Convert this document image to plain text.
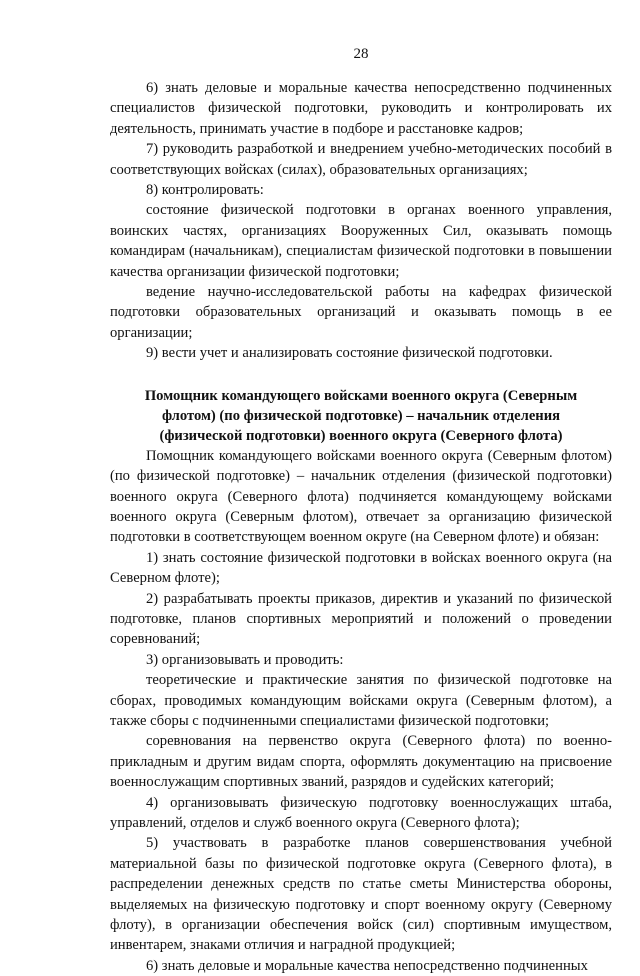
28

6) знать деловые и моральные качества непосредственно подчиненных специалистов физической подготовки, руководить и контролировать их деятельность, принимать участие в подборе и расстановке кадров;

7) руководить разработкой и внедрением учебно-методических пособий в соответствующих войсках (силах), образовательных организациях;

8) контролировать:

состояние физической подготовки в органах военного управления, воинских частях, организациях Вооруженных Сил, оказывать помощь командирам (начальникам), специалистам физической подготовки в повышении качества организации физической подготовки;

ведение научно-исследовательской работы на кафедрах физической подготовки образовательных организаций и оказывать помощь в ее организации;

9) вести учет и анализировать состояние физической подготовки.

Помощник командующего войсками военного округа (Северным флотом) (по физической подготовке) – начальник отделения (физической подготовки) военного округа (Северного флота)

Помощник командующего войсками военного округа (Северным флотом) (по физической подготовке) – начальник отделения (физической подготовки) военного округа (Северного флота) подчиняется командующему войсками военного округа (Северным флотом), отвечает за организацию физической подготовки в соответствующем военном округе (на Северном флоте) и обязан:

1) знать состояние физической подготовки в войсках военного округа (на Северном флоте);

2) разрабатывать проекты приказов, директив и указаний по физической подготовке, планов спортивных мероприятий и положений о проведении соревнований;

3) организовывать и проводить:

теоретические и практические занятия по физической подготовке на сборах, проводимых командующим войсками округа (Северным флотом), а также сборы с подчиненными специалистами физической подготовки;

соревнования на первенство округа (Северного флота) по военно-прикладным и другим видам спорта, оформлять документацию на присвоение военнослужащим спортивных званий, разрядов и судейских категорий;

4) организовывать физическую подготовку военнослужащих штаба, управлений, отделов и служб военного округа (Северного флота);

5) участвовать в разработке планов совершенствования учебной материальной базы по физической подготовке округа (Северного флота), в распределении денежных средств по статье сметы Министерства обороны, выделяемых на физическую подготовку и спорт военному округу (Северному флоту), в организации обеспечения войск (сил) спортивным имуществом, инвентарем, знаками отличия и наградной продукцией;

6) знать деловые и моральные качества непосредственно подчиненных
